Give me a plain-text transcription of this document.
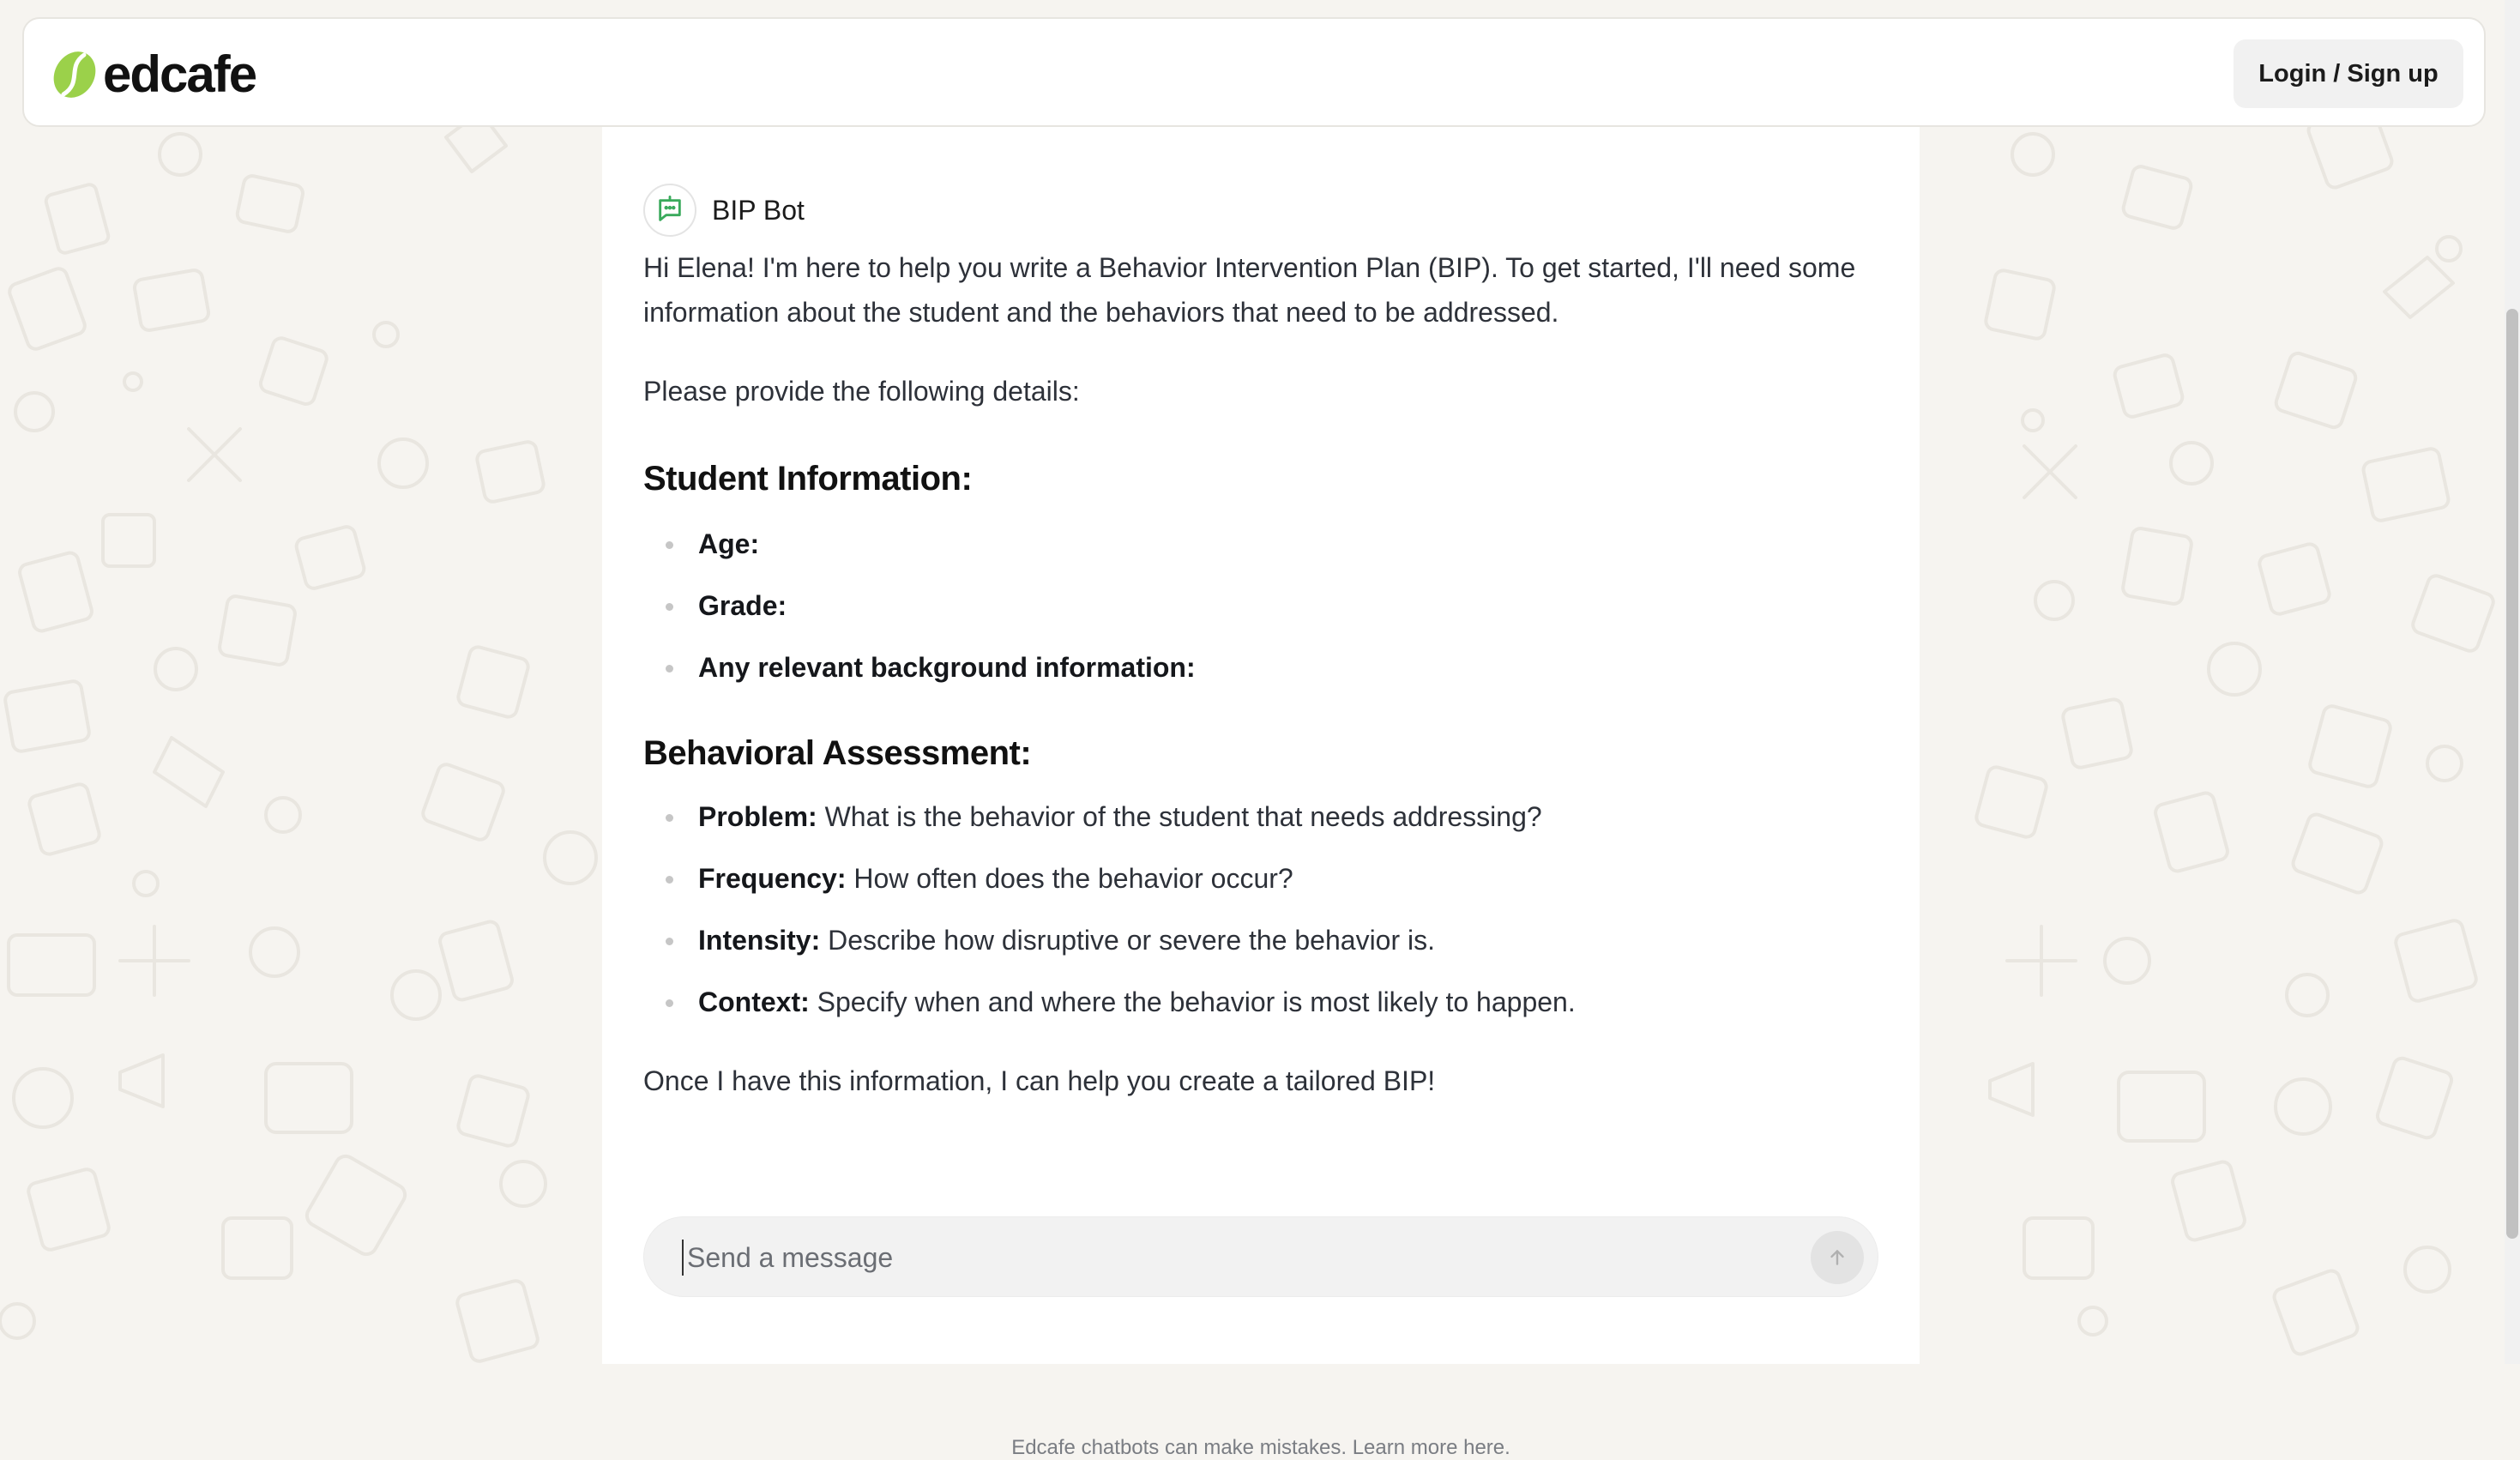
edcafe	Login / Sign up
BIP Bot

Hi Elena! I'm here to help you write a Behavior Intervention Plan (BIP). To get started, I'll need some information about the student and the behaviors that need to be addressed.

Please provide the following details:

Student Information:
Age:
Grade:
Any relevant background information:
Behavioral Assessment:
Problem: What is the behavior of the student that needs addressing?
Frequency: How often does the behavior occur?
Intensity: Describe how disruptive or severe the behavior is.
Context: Specify when and where the behavior is most likely to happen.

Once I have this information, I can help you create a tailored BIP!

Send a message
Edcafe chatbots can make mistakes. Learn more here.
